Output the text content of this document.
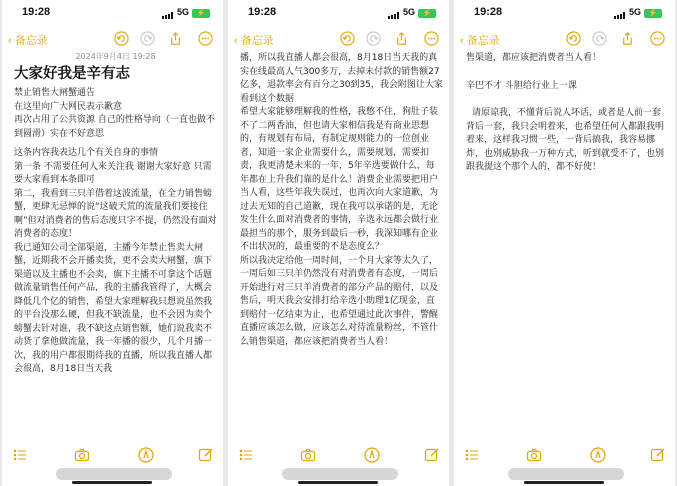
19:28	5G	⚡
‹ 备忘录
2024年9月4日 19:28
大家好我是辛有志
禁止销售大闸蟹通告
在这里向广大网民表示歉意
再次占用了公共资源 自己的性格导向（一直也做不到圆滑）实在不好意思
这条内容我表达几个有关自身的事情
第一条 不需要任何人来关注我 谢谢大家好意 只需要大家看到本条即可
第二，我看到三只羊借着这波流量，在全力销售螃蟹，更肆无忌惮的说“这破天荒的流量我们要接住啊”但对消费者的售后态度只字不提，仍然没有面对消费者的态度！
我已通知公司全部渠道，主播今年禁止售卖大闸蟹，近期我不会开播卖货，更不会卖大闸蟹，旗下渠道以及主播也不会卖，旗下主播不可拿这个话题做流量销售任何产品，我的主播我管得了，大概会降低几个亿的销售，希望大家理解我只想说虽然我的平台没那么硬，但我不缺流量，也不会因为卖个螃蟹去针对谁，我不缺这点销售额，她们说我卖不动货了拿他做流量，我一年播的很少，几个月播一次，我的用户都很期待我的直播，所以我直播人都会很高，8月18日当天我
19:28	5G	⚡
‹ 备忘录
播，所以我直播人都会很高，8月18日当天我的真实在线最高人气300多万，去掉未付款的销售额27亿多，退款率会有百分之30到35，我会附图让大家看到这个数据
希望大家能够理解我的性格，我憋不住，狗肚子装不了二两香油，但也请大家相信我是有商业思想的，有规划有布局，有制定规则能力的一位创业者，知道一家企业需要什么，需要规划，需要扣责，我更清楚未来的一年，5年辛选要做什么，每年都在上升我们靠的是什么！消费企业需要把用户当人看，这些年我失误过，也再次向大家道歉，为过去无知的自己道歉，现在我可以承诺的是，无论发生什么面对消费者的事情，辛选永远都会做行业最担当的那个，服务到最后一秒，我深知哪有企业不出状况的，最重要的不是态度么？
所以我决定给他一周时间，一个月大家等太久了，一周后如三只羊仍然没有对消费者有态度，一周后开始进行对三只羊消费者的部分产品的赔付，以及售后，明天我会安排打给辛选小助理1亿现金，直到赔付一亿结束为止，也希望通过此次事件，警醒直播应该怎么做，应该怎么对待流量粉丝，不管什么销售渠道，都应该把消费者当人看！
19:28	5G	⚡
‹ 备忘录
售渠道，都应该把消费者当人看！
辛巴不才 斗胆给行业上一课
请原谅我，不懂背后说人坏话，或者是人前一套背后一套，我只会明着来，也希望任何人都跟我明着来，这样我习惯一些，一背后搞我，我容易挪炸，也别威胁我一万种方式，听到就受不了，也别跟我提这个那个人的，都不好使！
